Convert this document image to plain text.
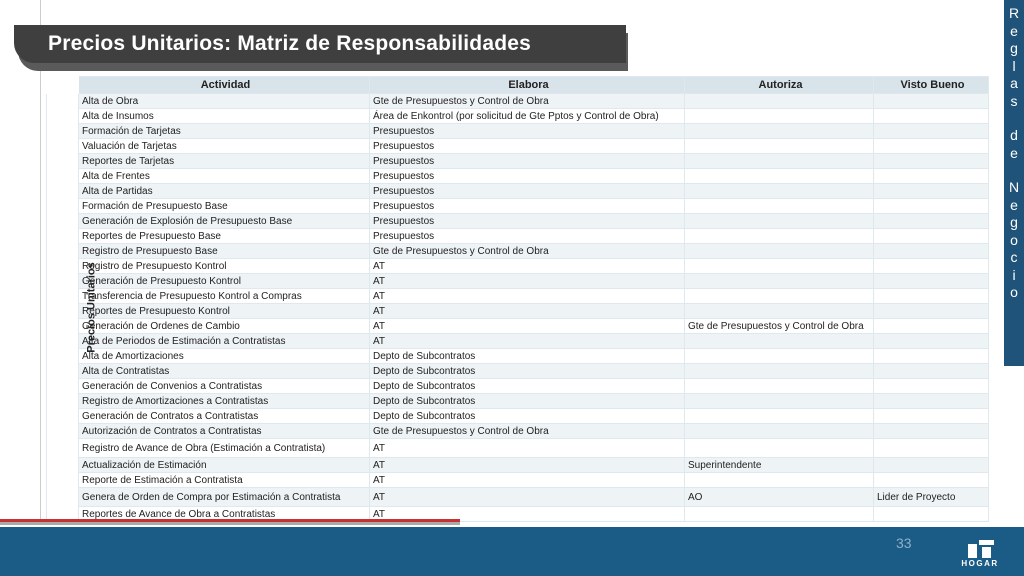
Precios Unitarios: Matriz de Responsabilidades
R
e
g
l
a
s
d
e
N
e
g
o
c
i
o
	Actividad	Elabora	Autoriza	Visto Bueno
Precios Unitarios	Alta de Obra	Gte de Presupuestos y Control de Obra		
	Alta de Insumos	Área de Enkontrol (por solicitud de Gte Pptos y Control de Obra)		
	Formación de Tarjetas	Presupuestos		
	Valuación de Tarjetas	Presupuestos		
	Reportes de Tarjetas	Presupuestos		
	Alta de Frentes	Presupuestos		
	Alta de Partidas	Presupuestos		
	Formación de Presupuesto Base	Presupuestos		
	Generación de Explosión de Presupuesto Base	Presupuestos		
	Reportes de Presupuesto Base	Presupuestos		
	Registro de Presupuesto Base	Gte de Presupuestos y Control de Obra		
	Registro de Presupuesto Kontrol	AT		
	Generación de Presupuesto Kontrol	AT		
	Transferencia de Presupuesto Kontrol a Compras	AT		
	Reportes de Presupuesto Kontrol	AT		
	Generación de Ordenes de Cambio	AT	Gte de Presupuestos y Control de Obra	
	Alta de Periodos de Estimación a Contratistas	AT		
	Alta de Amortizaciones	Depto de Subcontratos		
	Alta de Contratistas	Depto de Subcontratos		
	Generación de Convenios a Contratistas	Depto de Subcontratos		
	Registro de Amortizaciones a Contratistas	Depto de Subcontratos		
	Generación de Contratos a Contratistas	Depto de Subcontratos		
	Autorización de Contratos a Contratistas	Gte de Presupuestos y Control de Obra		
	Registro de Avance de Obra (Estimación a Contratista)	AT		
	Actualización de Estimación	AT	Superintendente	
	Reporte de Estimación a Contratista	AT		
	Genera de Orden de Compra por Estimación a Contratista	AT	AO	Lider de Proyecto
	Reportes de Avance de Obra a Contratistas	AT		
33
HOGAR
